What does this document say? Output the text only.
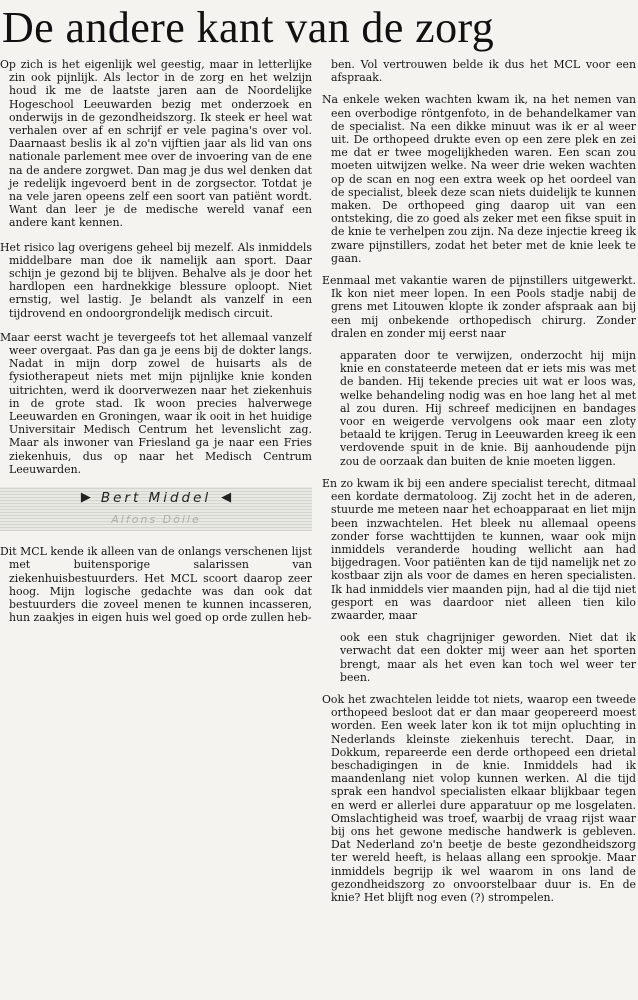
De andere kant van de zorg

Op zich is het eigenlijk wel geestig, maar in letterlijke zin ook pijnlijk. Als lector in de zorg en het welzijn houd ik me de laatste jaren aan de Noordelijke Hogeschool Leeuwarden bezig met onderzoek en onderwijs in de gezondheidszorg. Ik steek er heel wat verhalen over af en schrijf er vele pagina's over vol. Daarnaast beslis ik al zo'n vijftien jaar als lid van ons nationale parlement mee over de invoering van de ene na de andere zorgwet. Dan mag je dus wel denken dat je redelijk ingevoerd bent in de zorgsector. Totdat je na vele jaren opeens zelf een soort van patiënt wordt. Want dan leer je de medische wereld vanaf een andere kant kennen.

Het risico lag overigens geheel bij mezelf. Als inmiddels middelbare man doe ik namelijk aan sport. Daar schijn je gezond bij te blijven. Behalve als je door het hardlopen een hardnekkige blessure oploopt. Niet ernstig, wel lastig. Je belandt als vanzelf in een tijdrovend en ondoorgrondelijk medisch circuit.

Maar eerst wacht je tevergeefs tot het allemaal vanzelf weer overgaat. Pas dan ga je eens bij de dokter langs. Nadat in mijn dorp zowel de huisarts als de fysiotherapeut niets met mijn pijnlijke knie konden uitrichten, werd ik doorverwezen naar het ziekenhuis in de grote stad. Ik woon precies halverwege Leeuwarden en Groningen, waar ik ooit in het huidige Universitair Medisch Centrum het levenslicht zag. Maar als inwoner van Friesland ga je naar een Fries ziekenhuis, dus op naar het Medisch Centrum Leeuwarden.

▶ Bert Middel ◀
Alfons Dölle

Dit MCL kende ik alleen van de onlangs verschenen lijst met buitensporige salarissen van ziekenhuisbestuurders. Het MCL scoort daarop zeer hoog. Mijn logische gedachte was dan ook dat bestuurders die zoveel menen te kunnen incasseren, hun zaakjes in eigen huis wel goed op orde zullen heb-

ben. Vol vertrouwen belde ik dus het MCL voor een afspraak.

Na enkele weken wachten kwam ik, na het nemen van een overbodige röntgenfoto, in de behandelkamer van de specialist. Na een dikke minuut was ik er al weer uit. De orthopeed drukte even op een zere plek en zei me dat er twee mogelijkheden waren. Een scan zou moeten uitwijzen welke. Na weer drie weken wachten op de scan en nog een extra week op het oordeel van de specialist, bleek deze scan niets duidelijk te kunnen maken. De orthopeed ging daarop uit van een ontsteking, die zo goed als zeker met een fikse spuit in de knie te verhelpen zou zijn. Na deze injectie kreeg ik zware pijnstillers, zodat het beter met de knie leek te gaan.

Eenmaal met vakantie waren de pijnstillers uitgewerkt. Ik kon niet meer lopen. In een Pools stadje nabij de grens met Litouwen klopte ik zonder afspraak aan bij een mij onbekende orthopedisch chirurg. Zonder dralen en zonder mij eerst naar

apparaten door te verwijzen, onderzocht hij mijn knie en constateerde meteen dat er iets mis was met de banden. Hij tekende precies uit wat er loos was, welke behandeling nodig was en hoe lang het al met al zou duren. Hij schreef medicijnen en bandages voor en weigerde vervolgens ook maar een zloty betaald te krijgen. Terug in Leeuwarden kreeg ik een verdovende spuit in de knie. Bij aanhoudende pijn zou de oorzaak dan buiten de knie moeten liggen.

En zo kwam ik bij een andere specialist terecht, ditmaal een kordate dermatoloog. Zij zocht het in de aderen, stuurde me meteen naar het echoapparaat en liet mijn been inzwachtelen. Het bleek nu allemaal opeens zonder forse wachttijden te kunnen, waar ook mijn inmiddels veranderde houding wellicht aan had bijgedragen. Voor patiënten kan de tijd namelijk net zo kostbaar zijn als voor de dames en heren specialisten. Ik had inmiddels vier maanden pijn, had al die tijd niet gesport en was daardoor niet alleen tien kilo zwaarder, maar

ook een stuk chagrijniger geworden. Niet dat ik verwacht dat een dokter mij weer aan het sporten brengt, maar als het even kan toch wel weer ter been.

Ook het zwachtelen leidde tot niets, waarop een tweede orthopeed besloot dat er dan maar geopereerd moest worden. Een week later kon ik tot mijn opluchting in Nederlands kleinste ziekenhuis terecht. Daar, in Dokkum, repareerde een derde orthopeed een drietal beschadigingen in de knie. Inmiddels had ik maandenlang niet volop kunnen werken. Al die tijd sprak een handvol specialisten elkaar blijkbaar tegen en werd er allerlei dure apparatuur op me losgelaten. Omslachtigheid was troef, waarbij de vraag rijst waar bij ons het gewone medische handwerk is gebleven. Dat Nederland zo'n beetje de beste gezondheidszorg ter wereld heeft, is helaas allang een sprookje. Maar inmiddels begrijp ik wel waarom in ons land de gezondheidszorg zo onvoorstelbaar duur is. En de knie? Het blijft nog even (?) strompelen.
